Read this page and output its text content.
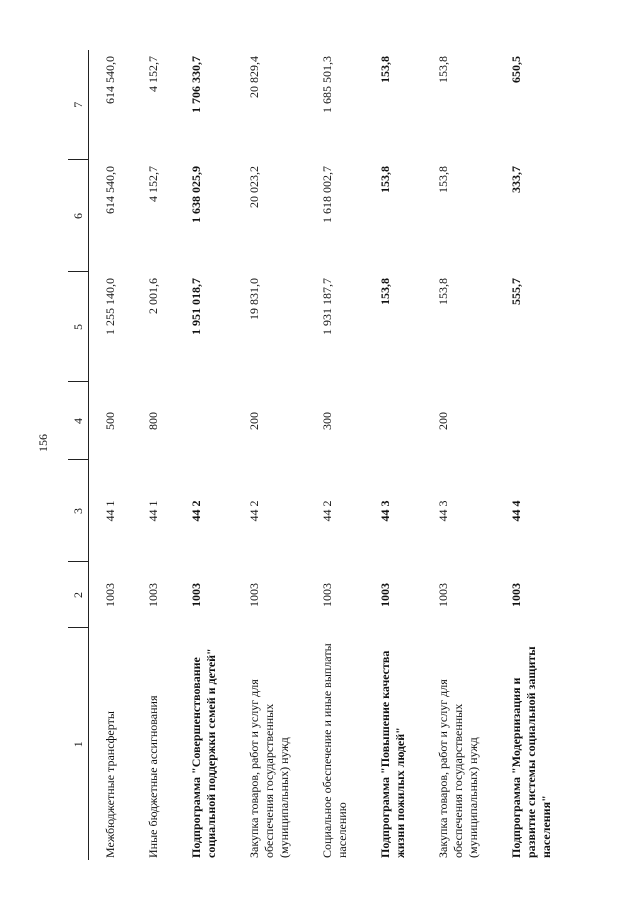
156
1	2	3	4	5	6	7
Межбюджетные трансферты	1003	44 1	500	1 255 140,0	614 540,0	614 540,0
Иные бюджетные ассигнования	1003	44 1	800	2 001,6	4 152,7	4 152,7
Подпрограмма "Совершенствование социальной поддержки семей и детей"	1003	44 2		1 951 018,7	1 638 025,9	1 706 330,7
Закупка товаров, работ и услуг для обеспечения государственных (муниципальных) нужд	1003	44 2	200	19 831,0	20 023,2	20 829,4
Социальное обеспечение и иные выплаты населению	1003	44 2	300	1 931 187,7	1 618 002,7	1 685 501,3
Подпрограмма "Повышение качества жизни пожилых людей"	1003	44 3		153,8	153,8	153,8
Закупка товаров, работ и услуг для обеспечения государственных (муниципальных) нужд	1003	44 3	200	153,8	153,8	153,8
Подпрограмма "Модернизация и развитие системы социальной защиты населения"	1003	44 4		555,7	333,7	650,5
